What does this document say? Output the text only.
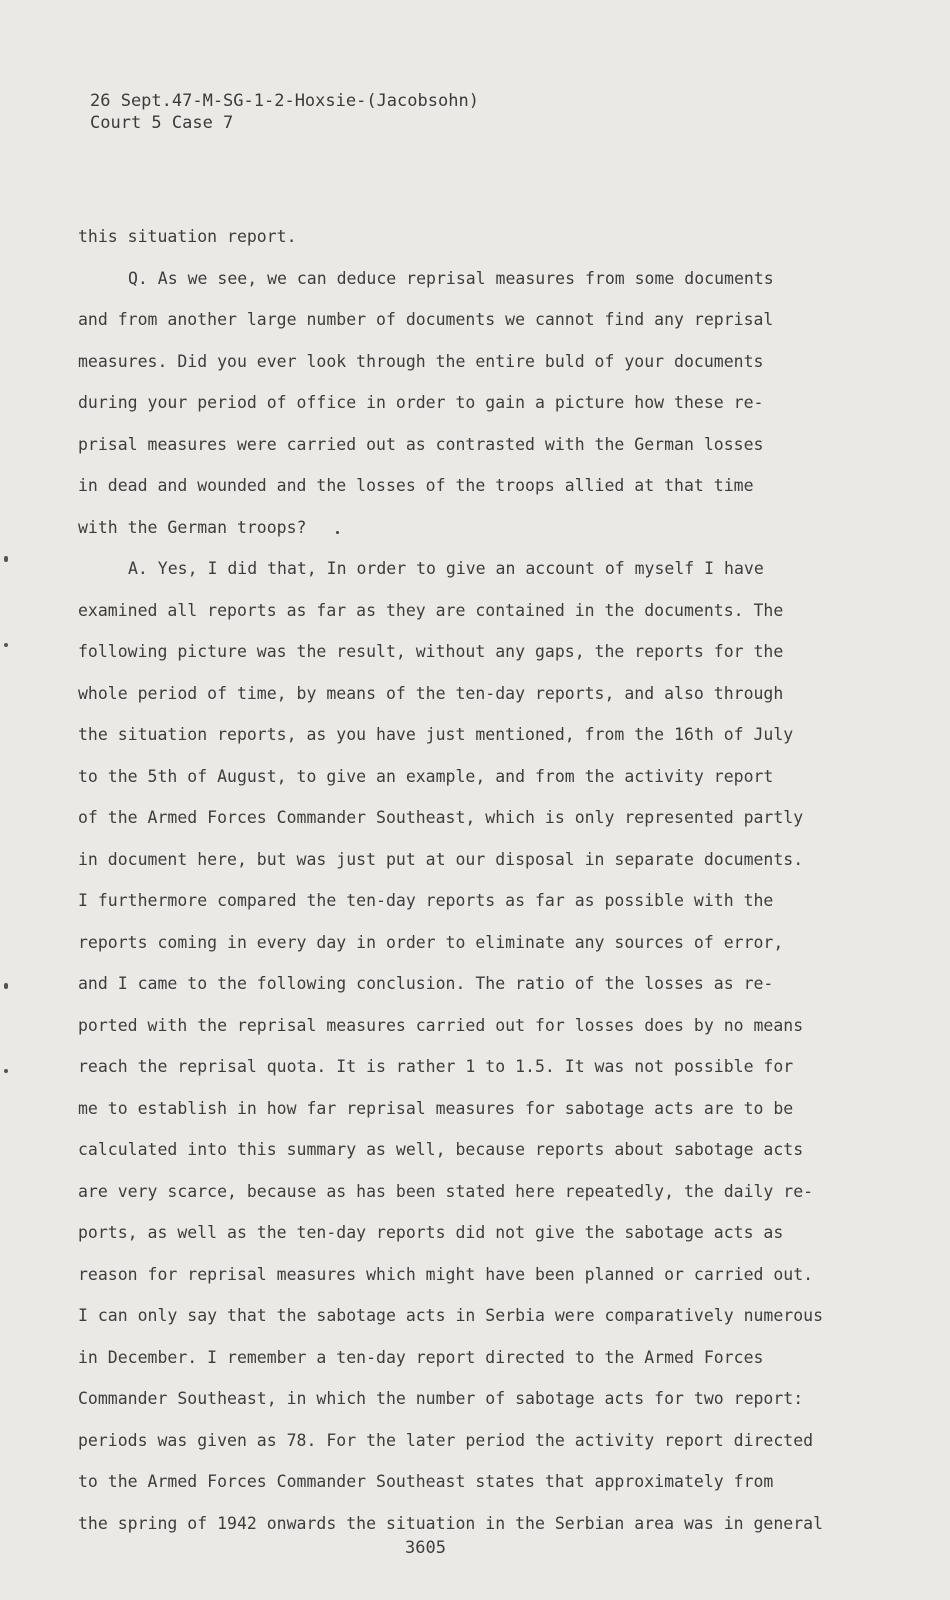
26 Sept.47-M-SG-1-2-Hoxsie-(Jacobsohn)
Court 5 Case 7
this situation report.
Q. As we see, we can deduce reprisal measures from some documents
and from another large number of documents we cannot find any reprisal
measures. Did you ever look through the entire buld of your documents
during your period of office in order to gain a picture how these re-
prisal measures were carried out as contrasted with the German losses
in dead and wounded and the losses of the troops allied at that time
with the German troops?
A. Yes, I did that, In order to give an account of myself I have
examined all reports as far as they are contained in the documents. The
following picture was the result, without any gaps, the reports for the
whole period of time, by means of the ten-day reports, and also through
the situation reports, as you have just mentioned, from the 16th of July
to the 5th of August, to give an example, and from the activity report
of the Armed Forces Commander Southeast, which is only represented partly
in document here, but was just put at our disposal in separate documents.
I furthermore compared the ten-day reports as far as possible with the
reports coming in every day in order to eliminate any sources of error,
and I came to the following conclusion. The ratio of the losses as re-
ported with the reprisal measures carried out for losses does by no means
reach the reprisal quota. It is rather 1 to 1.5. It was not possible for
me to establish in how far reprisal measures for sabotage acts are to be
calculated into this summary as well, because reports about sabotage acts
are very scarce, because as has been stated here repeatedly, the daily re-
ports, as well as the ten-day reports did not give the sabotage acts as
reason for reprisal measures which might have been planned or carried out.
I can only say that the sabotage acts in Serbia were comparatively numerous
in December. I remember a ten-day report directed to the Armed Forces
Commander Southeast, in which the number of sabotage acts for two report:
periods was given as 78. For the later period the activity report directed
to the Armed Forces Commander Southeast states that approximately from
the spring of 1942 onwards the situation in the Serbian area was in general
3605
